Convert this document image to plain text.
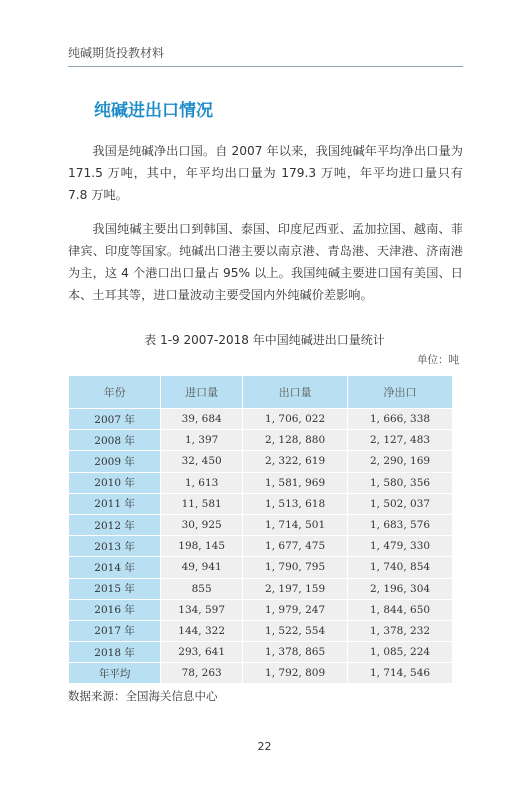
纯碱期货投教材料
纯碱进出口情况

我国是纯碱净出口国。自 2007 年以来，我国纯碱年平均净出口量为 171.5 万吨，其中，年平均出口量为 179.3 万吨，年平均进口量只有 7.8 万吨。

我国纯碱主要出口到韩国、泰国、印度尼西亚、孟加拉国、越南、菲律宾、印度等国家。纯碱出口港主要以南京港、青岛港、天津港、济南港为主，这 4 个港口出口量占 95% 以上。我国纯碱主要进口国有美国、日本、土耳其等，进口量波动主要受国内外纯碱价差影响。

表 1-9 2007-2018 年中国纯碱进出口量统计
单位：吨
年份	进口量	出口量	净出口
2007 年	39, 684	1, 706, 022	1, 666, 338
2008 年	1, 397	2, 128, 880	2, 127, 483
2009 年	32, 450	2, 322, 619	2, 290, 169
2010 年	1, 613	1, 581, 969	1, 580, 356
2011 年	11, 581	1, 513, 618	1, 502, 037
2012 年	30, 925	1, 714, 501	1, 683, 576
2013 年	198, 145	1, 677, 475	1, 479, 330
2014 年	49, 941	1, 790, 795	1, 740, 854
2015 年	855	2, 197, 159	2, 196, 304
2016 年	134, 597	1, 979, 247	1, 844, 650
2017 年	144, 322	1, 522, 554	1, 378, 232
2018 年	293, 641	1, 378, 865	1, 085, 224
年平均	78, 263	1, 792, 809	1, 714, 546
数据来源：全国海关信息中心
22
